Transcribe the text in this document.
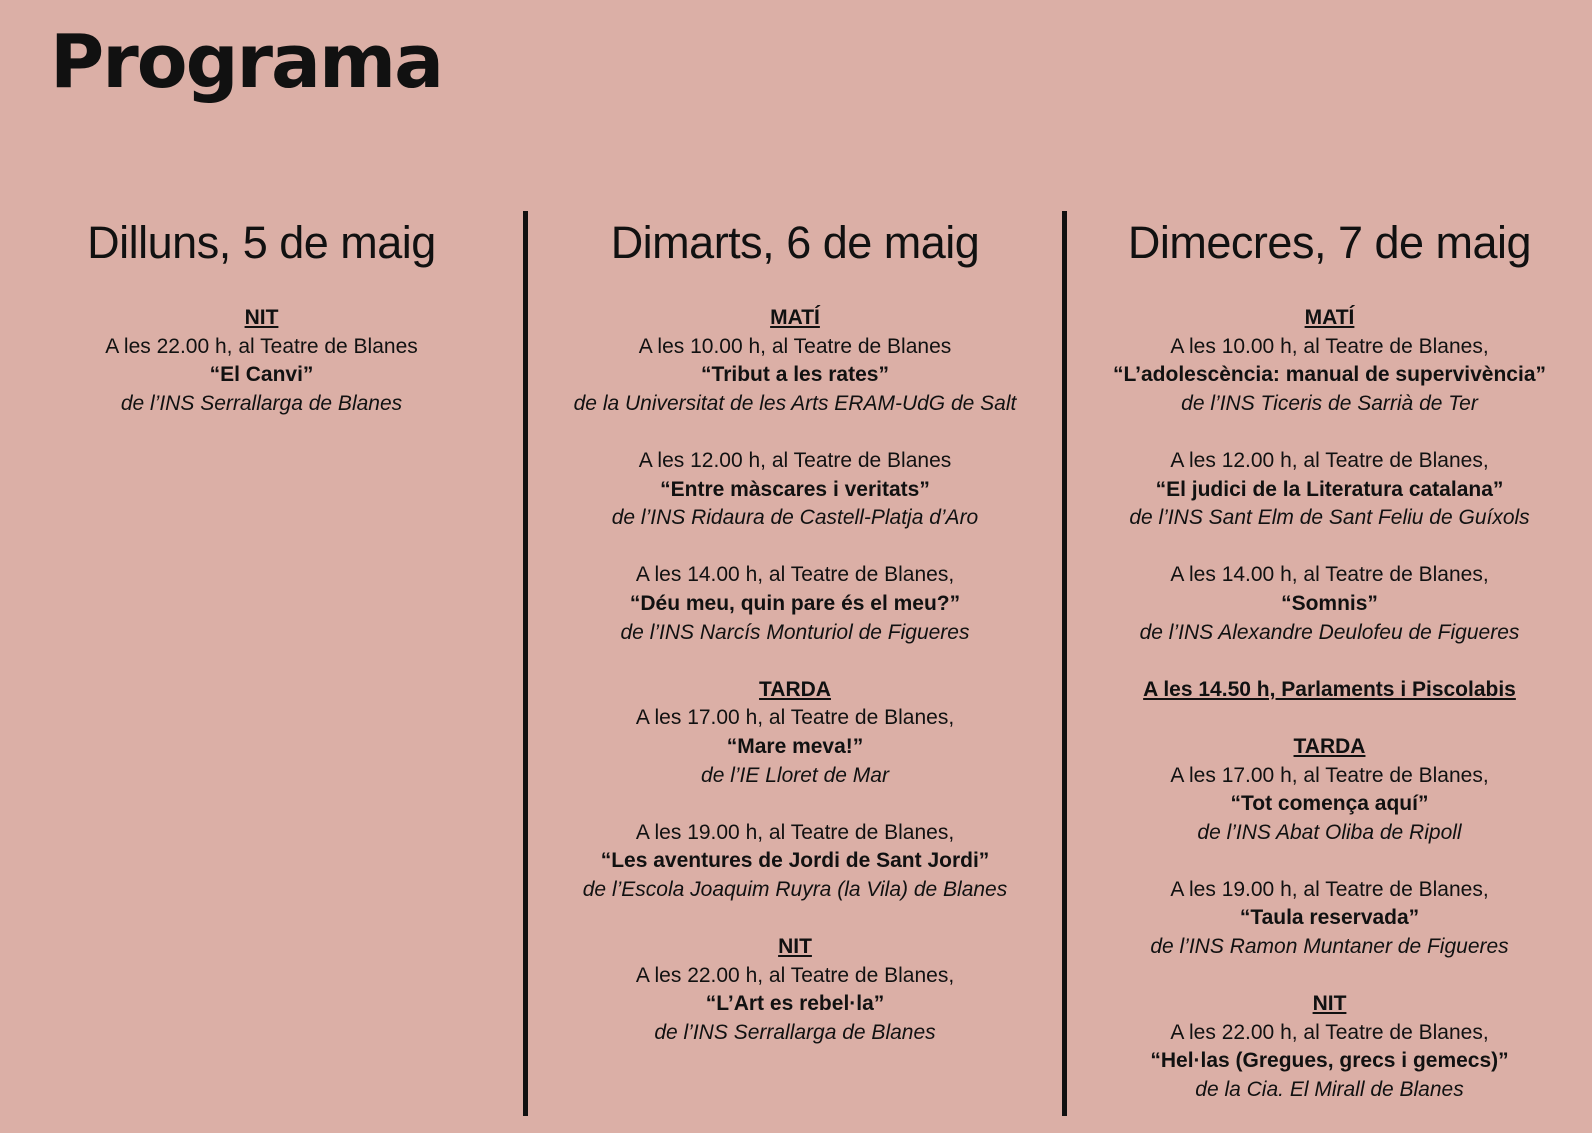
Programa
Dilluns, 5 de maig
NIT
A les 22.00 h, al Teatre de Blanes
“El Canvi”
de l’INS Serrallarga de Blanes
Dimarts, 6 de maig
MATÍ
A les 10.00 h, al Teatre de Blanes
“Tribut a les rates”
de la Universitat de les Arts ERAM-UdG de Salt
A les 12.00 h, al Teatre de Blanes
“Entre màscares i veritats”
de l’INS Ridaura de Castell-Platja d’Aro
A les 14.00 h, al Teatre de Blanes,
“Déu meu, quin pare és el meu?”
de l’INS Narcís Monturiol de Figueres
TARDA
A les 17.00 h, al Teatre de Blanes,
“Mare meva!”
de l’IE Lloret de Mar
A les 19.00 h, al Teatre de Blanes,
“Les aventures de Jordi de Sant Jordi”
de l’Escola Joaquim Ruyra (la Vila) de Blanes
NIT
A les 22.00 h, al Teatre de Blanes,
“L’Art es rebel·la”
de l’INS Serrallarga de Blanes
Dimecres, 7 de maig
MATÍ
A les 10.00 h, al Teatre de Blanes,
“L’adolescència: manual de supervivència”
de l’INS Ticeris de Sarrià de Ter
A les 12.00 h, al Teatre de Blanes,
“El judici de la Literatura catalana”
de l’INS Sant Elm de Sant Feliu de Guíxols
A les 14.00 h, al Teatre de Blanes,
“Somnis”
de l’INS Alexandre Deulofeu de Figueres
A les 14.50 h, Parlaments i Piscolabis
TARDA
A les 17.00 h, al Teatre de Blanes,
“Tot comença aquí”
de l’INS Abat Oliba de Ripoll
A les 19.00 h, al Teatre de Blanes,
“Taula reservada”
de l’INS Ramon Muntaner de Figueres
NIT
A les 22.00 h, al Teatre de Blanes,
“Hel·las (Gregues, grecs i gemecs)”
de la Cia. El Mirall de Blanes
